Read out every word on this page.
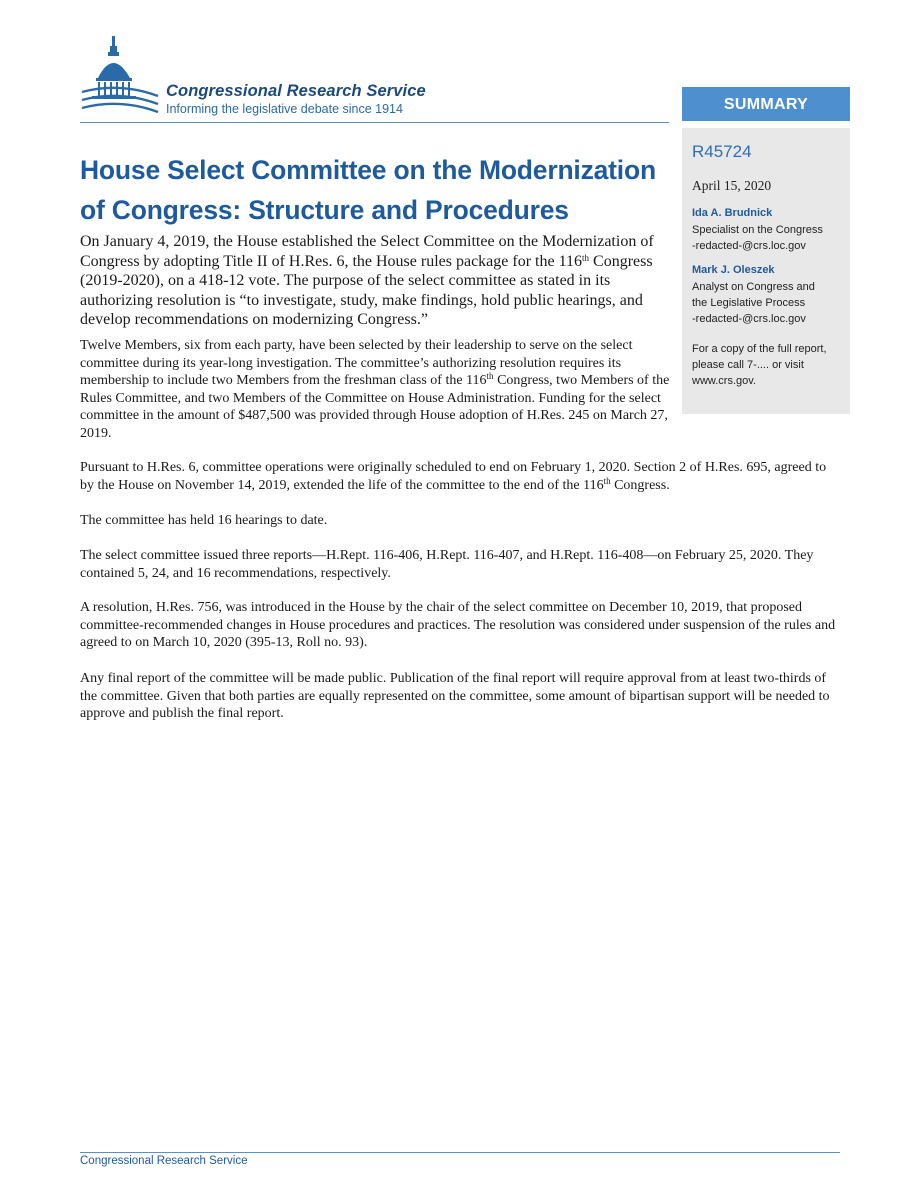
Congressional Research Service

Informing the legislative debate since 1914	SUMMARY

R45724

April 15, 2020

Ida A. Brudnick

Specialist on the Congress

-redacted-@crs.loc.gov

Mark J. Oleszek

Analyst on Congress and

the Legislative Process

-redacted-@crs.loc.gov

For a copy of the full report,
please call 7-.... or visit
www.crs.gov.

House Select Committee on the Modernization
of Congress: Structure and Procedures

On January 4, 2019, the House established the Select Committee on the Modernization of Congress by adopting Title II of H.Res. 6, the House rules package for the 116th Congress (2019-2020), on a 418-12 vote. The purpose of the select committee as stated in its authorizing resolution is “to investigate, study, make findings, hold public hearings, and develop recommendations on modernizing Congress.”

Twelve Members, six from each party, have been selected by their leadership to serve on the select committee during its year-long investigation. The committee’s authorizing resolution requires its membership to include two Members from the freshman class of the 116th Congress, two Members of the Rules Committee, and two Members of the Committee on House Administration. Funding for the select committee in the amount of $487,500 was provided through House adoption of H.Res. 245 on March 27, 2019.

Pursuant to H.Res. 6, committee operations were originally scheduled to end on February 1, 2020. Section 2 of H.Res. 695, agreed to by the House on November 14, 2019, extended the life of the committee to the end of the 116th Congress.

The committee has held 16 hearings to date.

The select committee issued three reports—H.Rept. 116-406, H.Rept. 116-407, and H.Rept. 116-408—on February 25, 2020. They contained 5, 24, and 16 recommendations, respectively.

A resolution, H.Res. 756, was introduced in the House by the chair of the select committee on December 10, 2019, that proposed committee-recommended changes in House procedures and practices. The resolution was considered under suspension of the rules and agreed to on March 10, 2020 (395-13, Roll no. 93).

Any final report of the committee will be made public. Publication of the final report will require approval from at least two-thirds of the committee. Given that both parties are equally represented on the committee, some amount of bipartisan support will be needed to approve and publish the final report.

Congressional Research Service
